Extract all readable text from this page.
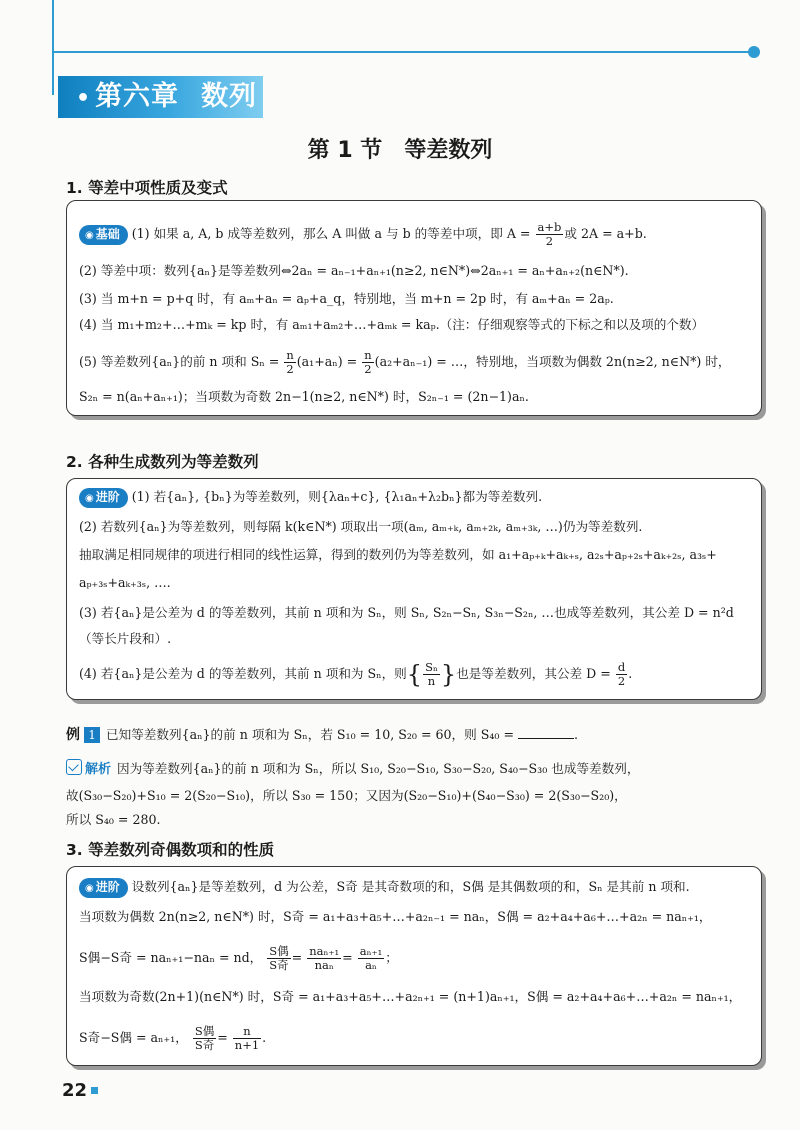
• 第六章 数列
第 1 节 等差数列
1. 等差中项性质及变式
◉ 基础 (1) 如果 a, A, b 成等差数列，那么 A 叫做 a 与 b 的等差中项，即 $A = \frac{a+b}{2}$ 或 2A = a+b.
(2) 等差中项：数列{aₙ}是等差数列⇔2aₙ = aₙ₋₁+aₙ₊₁(n≥2, n∈N*)⇔2aₙ₊₁ = aₙ+aₙ₊₂(n∈N*).
(3) 当 m+n = p+q 时，有 aₘ+aₙ = aₚ+a_q，特别地，当 m+n = 2p 时，有 aₘ+aₙ = 2aₚ.
(4) 当 m₁+m₂+…+mₖ = kp 时，有 aₘ₁+aₘ₂+…+aₘₖ = kaₚ.（注：仔细观察等式的下标之和以及项的个数）
(5) 等差数列{aₙ}的前 n 项和 $S_n = \frac{n}{2} (a_1+a_n) = \frac{n}{2} (a_2+a_{n-1})$ = …，特别地，当项数为偶数 2n(n≥2, n∈N*) 时，
S₂ₙ = n(aₙ+aₙ₊₁)；当项数为奇数 2n−1(n≥2, n∈N*) 时，S₂ₙ₋₁ = (2n−1)aₙ.
2. 各种生成数列为等差数列
◉ 进阶 (1) 若{aₙ}, {bₙ}为等差数列，则{λaₙ+c}, {λ₁aₙ+λ₂bₙ}都为等差数列.
(2) 若数列{aₙ}为等差数列，则每隔 k(k∈N*) 项取出一项(aₘ, aₘ₊ₖ, aₘ₊₂ₖ, aₘ₊₃ₖ, …)仍为等差数列.
抽取满足相同规律的项进行相同的线性运算，得到的数列仍为等差数列，如 a₁+aₚ₊ₖ+aₖ₊ₛ, a₂ₛ+aₚ₊₂ₛ+aₖ₊₂ₛ, a₃ₛ+
aₚ₊₃ₛ+aₖ₊₃ₛ, ….
(3) 若{aₙ}是公差为 d 的等差数列，其前 n 项和为 Sₙ，则 Sₙ, S₂ₙ−Sₙ, S₃ₙ−S₂ₙ, …也成等差数列，其公差 D = n²d
（等长片段和）.
(4) 若{aₙ}是公差为 d 的等差数列，其前 n 项和为 Sₙ，则{ $\frac{\text{Sₙ}}{n}$ }也是等差数列，其公差 $D = \frac{d}{2}$ .
例 1 已知等差数列{aₙ}的前 n 项和为 Sₙ，若 S₁₀ = 10, S₂₀ = 60，则 S₄₀ =	.
解析 因为等差数列{aₙ}的前 n 项和为 Sₙ，所以 S₁₀, S₂₀−S₁₀, S₃₀−S₂₀, S₄₀−S₃₀ 也成等差数列，
故(S₃₀−S₂₀)+S₁₀ = 2(S₂₀−S₁₀)，所以 S₃₀ = 150；又因为(S₂₀−S₁₀)+(S₄₀−S₃₀) = 2(S₃₀−S₂₀)，
所以 S₄₀ = 280.
3. 等差数列奇偶数项和的性质
◉ 进阶 设数列{aₙ}是等差数列，d 为公差，S奇 是其奇数项的和，S偶 是其偶数项的和，Sₙ 是其前 n 项和.
当项数为偶数 2n(n≥2, n∈N*) 时，S奇 = a₁+a₃+a₅+…+a₂ₙ₋₁ = naₙ，S偶 = a₂+a₄+a₆+…+a₂ₙ = naₙ₊₁，
S偶−S奇 = naₙ₊₁−naₙ = nd， $\frac{\text{S偶}}{\text{S奇}} = \frac{\text{naₙ₊₁}}{\text{naₙ}} = \frac{\text{aₙ₊₁}}{\text{aₙ}}$ ；
当项数为奇数(2n+1)(n∈N*) 时，S奇 = a₁+a₃+a₅+…+a₂ₙ₊₁ = (n+1)aₙ₊₁，S偶 = a₂+a₄+a₆+…+a₂ₙ = naₙ₊₁，
S奇−S偶 = aₙ₊₁， $\frac{\text{S偶}}{\text{S奇}} = \frac{n}{n+1}$ .
22
